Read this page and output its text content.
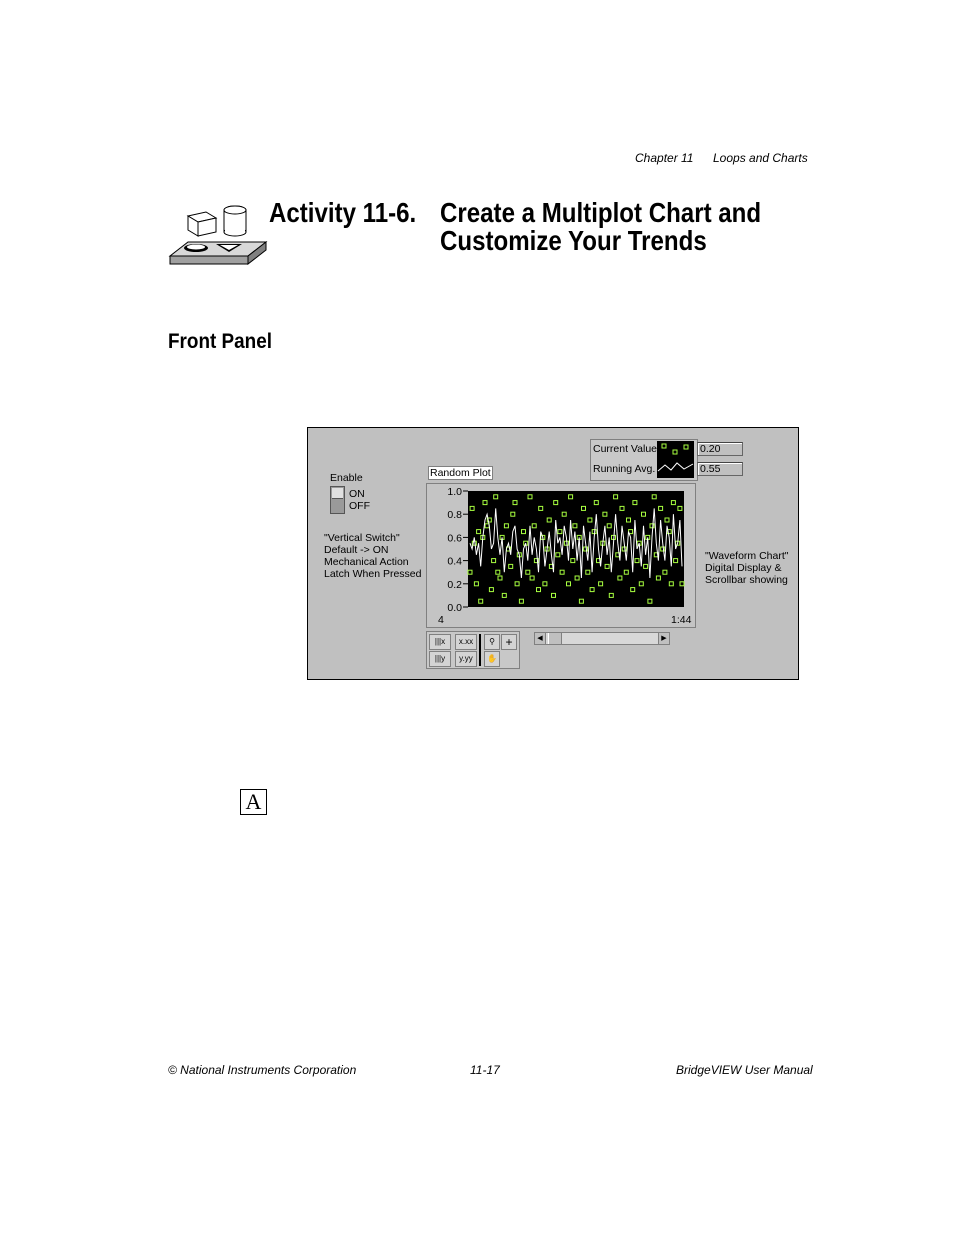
Chapter 11 Loops and Charts
Activity 11-6. Create a Multiplot Chart and
Customize Your Trends
Front Panel
Enable
ON
OFF
"Vertical Switch"
Default -> ON
Mechanical Action
Latch When Pressed
Random Plot
Current Value
Running Avg.
0.20
0.55
1.0
0.8
0.6
0.4
0.2
0.0
4	1:44
"Waveform Chart"
Digital Display &
Scrollbar showing
|||x	x.xx
|||y	y.yy
⚲ +
✋
◀	▶
A
© National Instruments Corporation	11-17	BridgeVIEW User Manual
